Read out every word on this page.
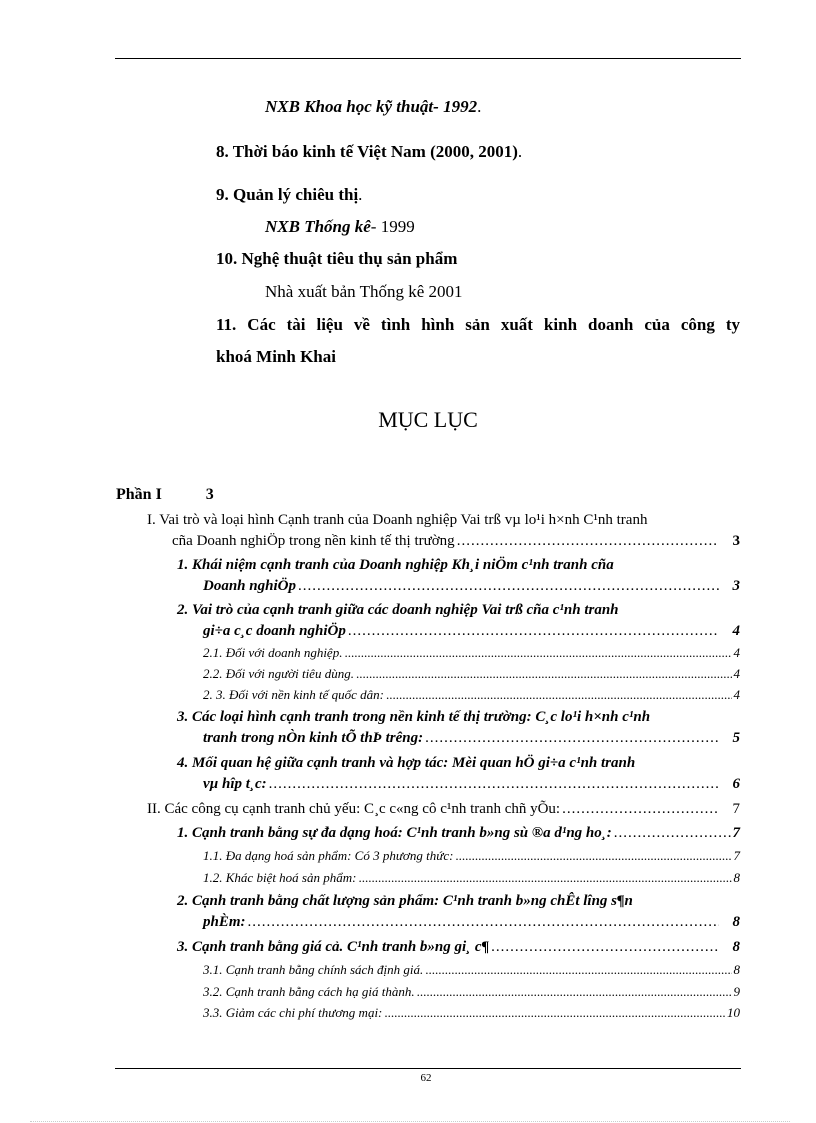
NXB Khoa học kỹ thuật- 1992.
8. Thời báo kinh tế Việt Nam (2000, 2001).
9. Quản lý chiêu thị.
NXB Thống kê- 1999
10. Nghệ thuật tiêu thụ sản phẩm
Nhà xuất bản Thống kê 2001
11. Các tài liệu về tình hình sản xuất kinh doanh của công ty
khoá Minh Khai
MỤC LỤC
Phần I	3
I. Vai trò và loại hình Cạnh tranh của Doanh nghiệp Vai trß vµ lo¹i h×nh C¹nh tranh
cña Doanh nghiÖp trong nền kinh tế thị trường .....	3
1. Khái niệm cạnh tranh của Doanh nghiệp Kh¸i niÖm c¹nh tranh cña
Doanh nghiÖp .....	3
2. Vai trò của cạnh tranh giữa các doanh nghiệp Vai trß cña c¹nh tranh
gi÷a c¸c doanh nghiÖp .....	4
2.1. Đối với doanh nghiệp. .....	4
2.2. Đối với người tiêu dùng. .....	4
2. 3. Đối với nền kinh tế quốc dân: .....	4
3. Các loại hình cạnh tranh trong nền kinh tế thị trường: C¸c lo¹i h×nh c¹nh
tranh trong nÒn kinh tÕ thÞ trêng: .....	5
4. Mối quan hệ giữa cạnh tranh và hợp tác: Mèi quan hÖ gi÷a c¹nh tranh
vµ hîp t¸c: .....	6
II. Các công cụ cạnh tranh chủ yếu: C¸c c«ng cô c¹nh tranh chñ yÕu: .....	7
1. Cạnh tranh bằng sự đa dạng hoá: C¹nh tranh b»ng sù ®a d¹ng ho¸: .....	7
1.1. Đa dạng hoá sản phẩm: Có 3 phương thức: .....	7
1.2. Khác biệt hoá sản phẩm: .....	8
2. Cạnh tranh bằng chất lượng sản phẩm: C¹nh tranh b»ng chÊt lîng s¶n
phÈm: .....	8
3. Cạnh tranh bằng giá cả. C¹nh tranh b»ng gi¸ c¶ .....	8
3.1. Cạnh tranh bằng chính sách định giá. .....	8
3.2. Cạnh tranh bằng cách hạ giá thành. .....	9
3.3. Giảm các chi phí thương mại: .....	10
62
